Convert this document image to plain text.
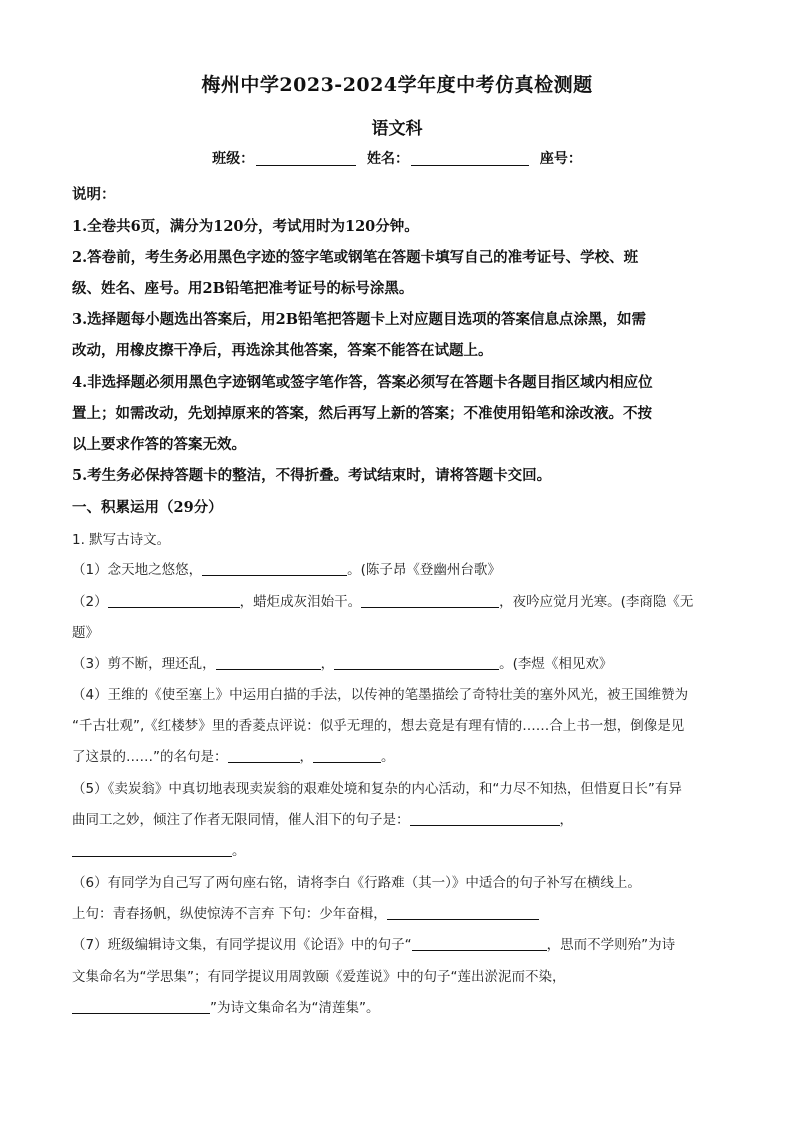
梅州中学2023-2024学年度中考仿真检测题
语文科
班级：	姓名：	座号：
说明：
1.全卷共6页，满分为120分，考试用时为120分钟。
2.答卷前，考生务必用黑色字迹的签字笔或钢笔在答题卡填写自己的准考证号、学校、班
级、姓名、座号。用2B铅笔把准考证号的标号涂黑。
3.选择题每小题选出答案后，用2B铅笔把答题卡上对应题目选项的答案信息点涂黑，如需
改动，用橡皮擦干净后，再选涂其他答案，答案不能答在试题上。
4.非选择题必须用黑色字迹钢笔或签字笔作答，答案必须写在答题卡各题目指区域内相应位
置上；如需改动，先划掉原来的答案，然后再写上新的答案；不准使用铅笔和涂改液。不按
以上要求作答的答案无效。
5.考生务必保持答题卡的整洁，不得折叠。考试结束时，请将答题卡交回。
一、积累运用（29分）
1. 默写古诗文。
（1）念天地之悠悠，	。(陈子昂《登幽州台歌》
（2）	，蜡炬成灰泪始干。	，夜吟应觉月光寒。(李商隐《无
题》
（3）剪不断，理还乱，	，	。(李煜《相见欢》
（4）王维的《使至塞上》中运用白描的手法，以传神的笔墨描绘了奇特壮美的塞外风光，被王国维赞为
“千古壮观”,《红楼梦》里的香菱点评说：似乎无理的，想去竟是有理有情的……合上书一想，倒像是见
了这景的……”的名句是：	，	。
（5）《卖炭翁》中真切地表现卖炭翁的艰难处境和复杂的内心活动，和“力尽不知热，但惜夏日长”有异
曲同工之妙，倾注了作者无限同情，催人泪下的句子是：	，
。
（6）有同学为自己写了两句座右铭，请将李白《行路难（其一）》中适合的句子补写在横线上。
上句：青春扬帆，纵使惊涛不言弃 下句：少年奋楫，
（7）班级编辑诗文集，有同学提议用《论语》中的句子“	，思而不学则殆”为诗
文集命名为“学思集”；有同学提议用周敦颐《爱莲说》中的句子“莲出淤泥而不染，
”为诗文集命名为“清莲集”。
